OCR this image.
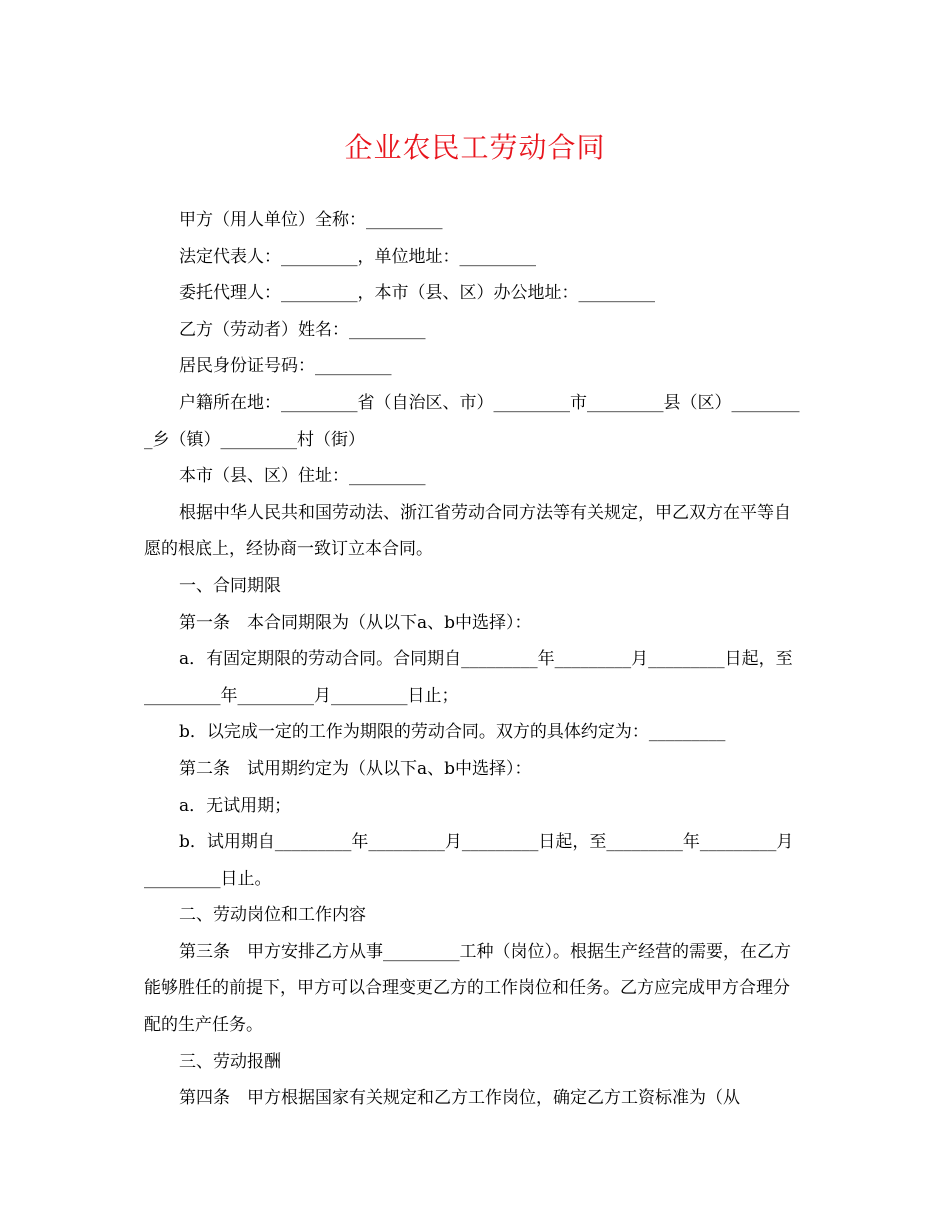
企业农民工劳动合同

甲方（用人单位）全称：_________

法定代表人：_________，单位地址：_________

委托代理人：_________，本市（县、区）办公地址：_________

乙方（劳动者）姓名：_________

居民身份证号码：_________

户籍所在地：_________省（自治区、市）_________市_________县（区）_________乡（镇）_________村（街）

本市（县、区）住址：_________

根据中华人民共和国劳动法、浙江省劳动合同方法等有关规定，甲乙双方在平等自愿的根底上，经协商一致订立本合同。

一、合同期限

第一条　本合同期限为（从以下a、b中选择）：

a．有固定期限的劳动合同。合同期自_________年_________月_________日起，至_________年_________月_________日止；

b．以完成一定的工作为期限的劳动合同。双方的具体约定为：_________

第二条　试用期约定为（从以下a、b中选择）：

a．无试用期；

b．试用期自_________年_________月_________日起，至_________年_________月_________日止。

二、劳动岗位和工作内容

第三条　甲方安排乙方从事_________工种（岗位）。根据生产经营的需要，在乙方能够胜任的前提下，甲方可以合理变更乙方的工作岗位和任务。乙方应完成甲方合理分配的生产任务。

三、劳动报酬

第四条　甲方根据国家有关规定和乙方工作岗位，确定乙方工资标准为（从
